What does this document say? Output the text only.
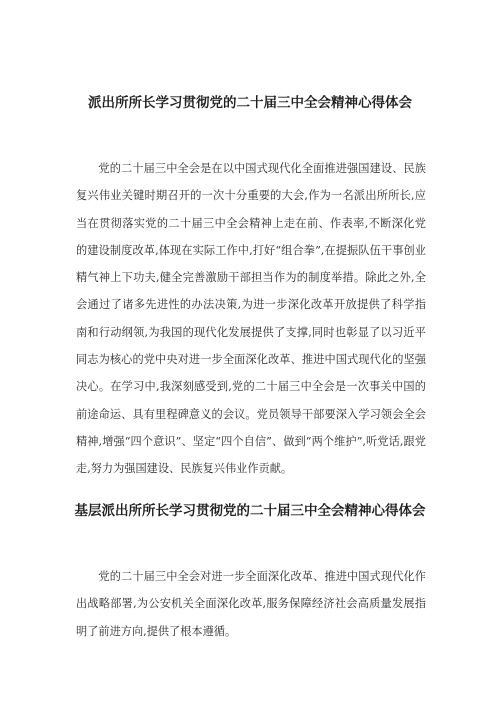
派出所所长学习贯彻党的二十届三中全会精神心得体会

党的二十届三中全会是在以中国式现代化全面推进强国建设、民族复兴伟业关键时期召开的一次十分重要的大会,作为一名派出所所长,应当在贯彻落实党的二十届三中全会精神上走在前、作表率,不断深化党的建设制度改革,体现在实际工作中,打好“组合拳”,在提振队伍干事创业精气神上下功夫,健全完善激励干部担当作为的制度举措。除此之外,全会通过了诸多先进性的办法决策,为进一步深化改革开放提供了科学指南和行动纲领,为我国的现代化发展提供了支撑,同时也彰显了以习近平同志为核心的党中央对进一步全面深化改革、推进中国式现代化的坚强决心。在学习中,我深刻感受到,党的二十届三中全会是一次事关中国的前途命运、具有里程碑意义的会议。党员领导干部要深入学习领会全会精神,增强“四个意识”、坚定“四个自信”、做到“两个维护”,听党话,跟党走,努力为强国建设、民族复兴伟业作贡献。

基层派出所所长学习贯彻党的二十届三中全会精神心得体会

党的二十届三中全会对进一步全面深化改革、推进中国式现代化作出战略部署,为公安机关全面深化改革,服务保障经济社会高质量发展指明了前进方向,提供了根本遵循。
